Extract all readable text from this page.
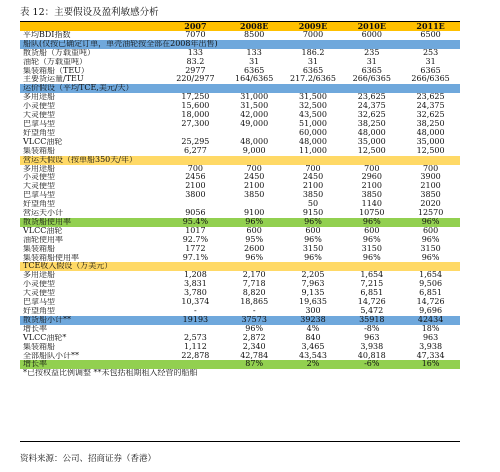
表 12：主要假设及盈利敏感分析
	2007	2008E	2009E	2010E	2011E
平均BDI指数	7070	8500	7000	6000	6500
船队(仅按已确定订单，单壳油轮按全部在2008年出售)					
散货船（万载重吨）	133	133	186.2	235	253
油轮（万载重吨）	83.2	31	31	31	31
集装箱船（TEU）	2977	6365	6365	6365	6365
主要货运量/TEU	220/2977	164/6365	217.2/6365	266/6365	266/6365
运价假设（平均TCE,美元/天）					
多用途船	17,250	31,000	31,500	23,625	23,625
小灵便型	15,600	31,500	32,500	24,375	24,375
大灵便型	18,000	42,000	43,500	32,625	32,625
巴拿马型	27,300	49,000	51,000	38,250	38,250
好望角型			60,000	48,000	48,000
VLCC油轮	25,295	48,000	48,000	35,000	35,000
集装箱船	6,277	9,000	11,000	12,500	12,500
营运天假设（按单船350天/年）					
多用途船	700	700	700	700	700
小灵便型	2456	2450	2450	2960	3900
大灵便型	2100	2100	2100	2100	2100
巴拿马型	3800	3850	3850	3850	3850
好望角型			50	1140	2020
营运天小计	9056	9100	9150	10750	12570
散货船使用率	95.4%	96%	96%	96%	96%
VLCC油轮	1017	600	600	600	600
油轮使用率	92.7%	95%	96%	96%	96%
集装箱船	1772	2600	3150	3150	3150
集装箱船使用率	97.1%	96%	96%	96%	96%
TCE收入假设（万美元）					
多用途船	1,208	2,170	2,205	1,654	1,654
小灵便型	3,831	7,718	7,963	7,215	9,506
大灵便型	3,780	8,820	9,135	6,851	6,851
巴拿马型	10,374	18,865	19,635	14,726	14,726
好望角型	-	-	300	5,472	9,696
散货船小计**	19193	37573	39238	35918	42434
增长率		96%	4%	-8%	18%
VLCC油轮*	2,573	2,872	840	963	963
集装箱船	1,112	2,340	3,465	3,938	3,938
全部船队小计**	22,878	42,784	43,543	40,818	47,334
增长率		87%	2%	-6%	16%
*已按权益比例调整 **未包括租期租入经营的船舶					
资料来源：公司、招商证券（香港）
